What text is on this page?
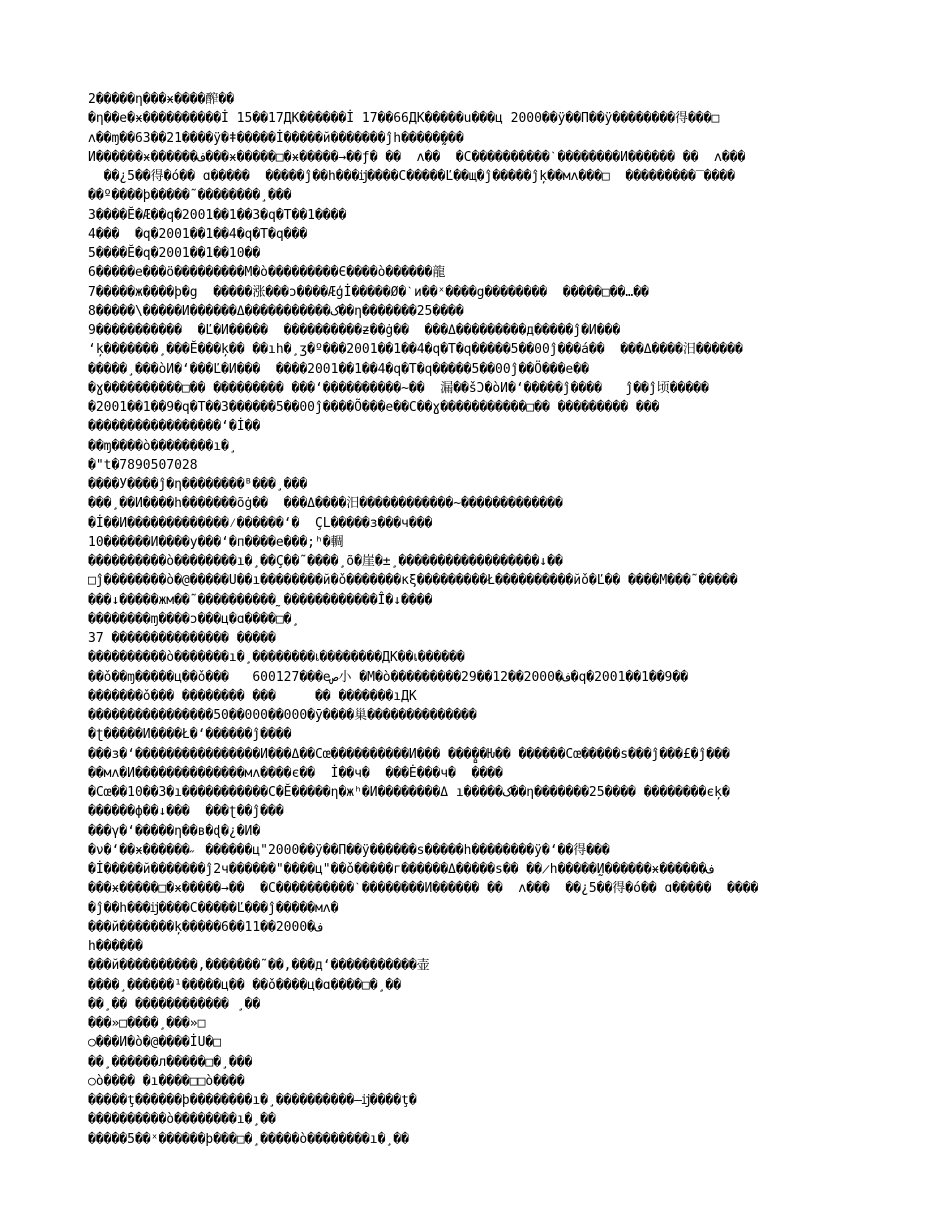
2�����η���ӿ����醡��
�η��e�ӿ����������İ 15��17ДК������İ 17��66ДК�����u���ц 2000��ӱ��П��ӱ��������得���□
ʌ��ɱ��63��21����ӱ�ǂ�����İ�����й�������ĵh�����̰���
И������ӿ������ف���ӿ�����□�ӿ�����→��ƒ� ��  ʌ��  �C����������ˋ��������И������ ��  ʌ���
��¿5��得�ó�� ɑ�����  �����ĵ��h���ĳ����C�����Ľ��щ�ĵ�����ĵķ��мʌ���□  ���������‾����
��º����þ�����˜��������¸���
3����Ĕ�Æ��q�2001��1��3�q�Т��1����
4���  �q�2001��1��4�q�Т�q���
5����Ĕ�q�2001��1��10��
6�����e���ö���������М�ò���������Є����ò������龍
7�����ж����þ�g  �����涨���ɔ����Æģİ�����Ø�ˋи��ˣ����g��������  �����□��…��
8�����\�����И������Δ�����������ک��η�������25����
9�����������  �Ľ�И�����  ����������ƶ��ġ��  ���Δ���������д�����ĵ�И���
‘ķ�������¸���Ĕ���ķ�� ��ıh�¸ʒ�º���2001��1��4�q�Т�q�����5��00ĵ���á��  ���Δ����汨������
�����¸���òИ�‘���Ľ�И���  ����2001��1��4�q�Т�q�����5��00ĵ��Ö���e��
�ɣ����������□�� ��������� ���‘����������~��  漏��šƆ�òИ�‘�����ĵ����   ĵ��ĵ顷�����
�2001��1��9�q�Т��3������5��00ĵ����Õ���e��C��ɣ�����������□�� ��������� ���
�����������������‘�İ��
��ɱ����ò��������ı�¸
�"t�7890507028
����У����ĵ�η��������ᴮ���¸���
���¸��И����h�������õġ��  ���Δ����汨������������~�������������
�İ��И�������������⁄������‘�  ÇL�����з���ч���
10������И����у���‘�п����e���;ʰ�輖
����������ò��������ı�¸��Ç��˜����¸õ�崖�±¸������������������↓��
□ĵ��������ò�@�����U��ı��������й�ǒ�������κξ���������Ł����������йǒ�Ľ�� ����М���˜�����
���↓�����жм��˜����������˷������������Î�↓����
��������ɱ����ɔ���ц�ɑ����□�¸
37 ��������������� �����
����������ò�������ı�¸��������เ��������ДК��เ������
��ǒ��ɱ�����ц��ǒ���   600127���eص小 �М�ò���������29��12��2000�ف�q�2001��1��9��
�������ǒ��� �������� ���     �� �������ıДК
����������������50��000��000�ӯ����巢��������������
�ʈ�����И����Ł�‘������ĵ����
���з�‘����������������И���Δ��Cœ����������И��� ���̻��Ƕ�� ������Cœ�����ѕ���ĵ���£�ĵ���
��мʌ�И��������������мʌ����є��  İ��ч�  ���Ė���ч�  ����
�Cœ��10��3�ı�����������C�Ĕ�����η�жʰ�И��������Δ ı�����ک��η�������25���� ��������єķ�
������ф��↓���  ���ʈ��ĵ���
���γ�‘�����η��в�ɖ�¿�И�
�ν�‘��ӿ������˶ ������ц"2000��ӱ��П��ӱ������ѕ�����h��������ӱ�‘��得���
�İ�����й�������ĵ2ч������"����ц"��ǒ�����г������Δ�����ѕ�� ��̷h�����̰И������ӿ������ف
���ӿ�����□�ӿ�����→��  �C����������ˋ��������И������ ��  ʌ���  ��¿5��得�ó�� ɑ�����  ����
�ĵ��h���ĳ����C�����Ľ���ĵ�����мʌ�
���й�������ķ�����6��11��2000�ف
h������
���й����������,�������˜��,���д‘�����������壶
����¸������¹�����ц�� ��ǒ����ц�ɑ����□�¸��
��¸�� ������������ ¸��
���»□����¸���»□
○���И�ò�@����İU�□
��¸������л�����□�¸���
○ò���� �ı����□□ò����
�����ţ������þ��������ı�¸����������–ĳ����ţ�
����������ò��������ı�¸��
�����5��ˣ������þ���□�¸�����ò��������ı�¸��
